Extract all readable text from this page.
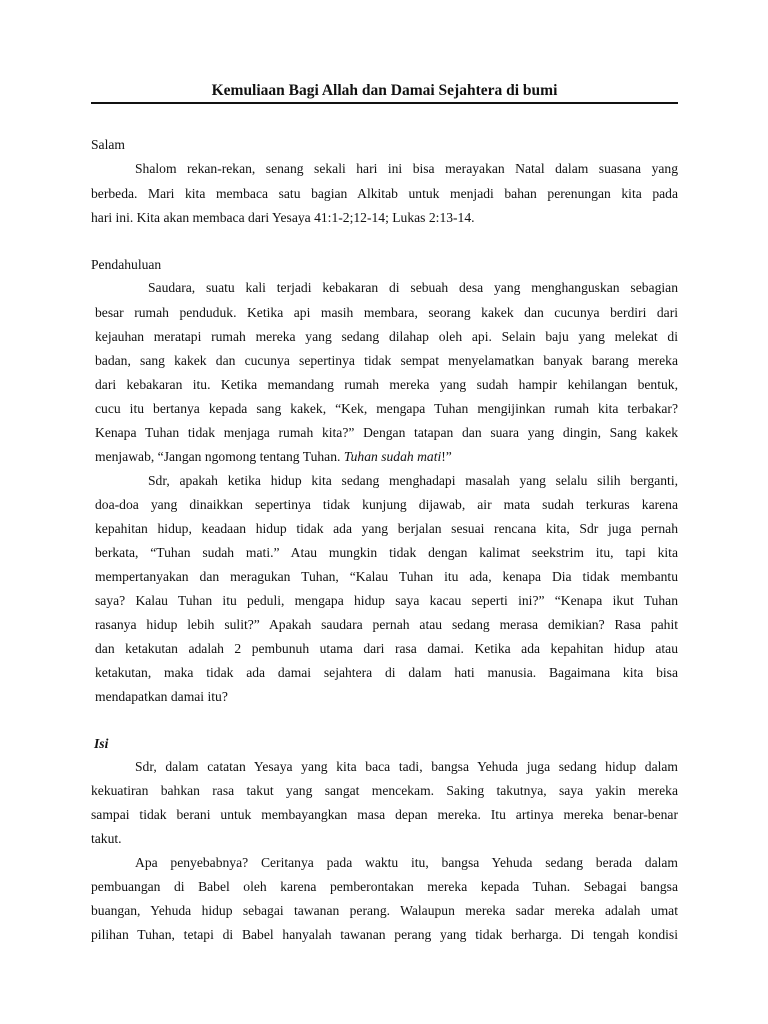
Kemuliaan Bagi Allah dan Damai Sejahtera di bumi
Salam
Shalom rekan-rekan, senang sekali hari ini bisa merayakan Natal dalam suasana yang
berbeda. Mari kita membaca satu bagian Alkitab untuk menjadi bahan perenungan kita pada
hari ini. Kita akan membaca dari Yesaya 41:1-2;12-14; Lukas 2:13-14.
Pendahuluan
Saudara, suatu kali terjadi kebakaran di sebuah desa yang menghanguskan sebagian
besar rumah penduduk. Ketika api masih membara, seorang kakek dan cucunya berdiri dari
kejauhan meratapi rumah mereka yang sedang dilahap oleh api. Selain baju yang melekat di
badan, sang kakek dan cucunya sepertinya tidak sempat menyelamatkan banyak barang mereka
dari kebakaran itu. Ketika memandang rumah mereka yang sudah hampir kehilangan bentuk,
cucu itu bertanya kepada sang kakek, “Kek, mengapa Tuhan mengijinkan rumah kita terbakar?
Kenapa Tuhan tidak menjaga rumah kita?” Dengan tatapan dan suara yang dingin, Sang kakek
menjawab, “Jangan ngomong tentang Tuhan. Tuhan sudah mati!”
Sdr, apakah ketika hidup kita sedang menghadapi masalah yang selalu silih berganti,
doa-doa yang dinaikkan sepertinya tidak kunjung dijawab, air mata sudah terkuras karena
kepahitan hidup, keadaan hidup tidak ada yang berjalan sesuai rencana kita, Sdr juga pernah
berkata, “Tuhan sudah mati.” Atau mungkin tidak dengan kalimat seekstrim itu, tapi kita
mempertanyakan dan meragukan Tuhan, “Kalau Tuhan itu ada, kenapa Dia tidak membantu
saya? Kalau Tuhan itu peduli, mengapa hidup saya kacau seperti ini?” “Kenapa ikut Tuhan
rasanya hidup lebih sulit?” Apakah saudara pernah atau sedang merasa demikian? Rasa pahit
dan ketakutan adalah 2 pembunuh utama dari rasa damai. Ketika ada kepahitan hidup atau
ketakutan, maka tidak ada damai sejahtera di dalam hati manusia. Bagaimana kita bisa
mendapatkan damai itu?
Isi
Sdr, dalam catatan Yesaya yang kita baca tadi, bangsa Yehuda juga sedang hidup dalam
kekuatiran bahkan rasa takut yang sangat mencekam. Saking takutnya, saya yakin mereka
sampai tidak berani untuk membayangkan masa depan mereka. Itu artinya mereka benar-benar
takut.
Apa penyebabnya? Ceritanya pada waktu itu, bangsa Yehuda sedang berada dalam
pembuangan di Babel oleh karena pemberontakan mereka kepada Tuhan. Sebagai bangsa
buangan, Yehuda hidup sebagai tawanan perang. Walaupun mereka sadar mereka adalah umat
pilihan Tuhan, tetapi di Babel hanyalah tawanan perang yang tidak berharga. Di tengah kondisi
